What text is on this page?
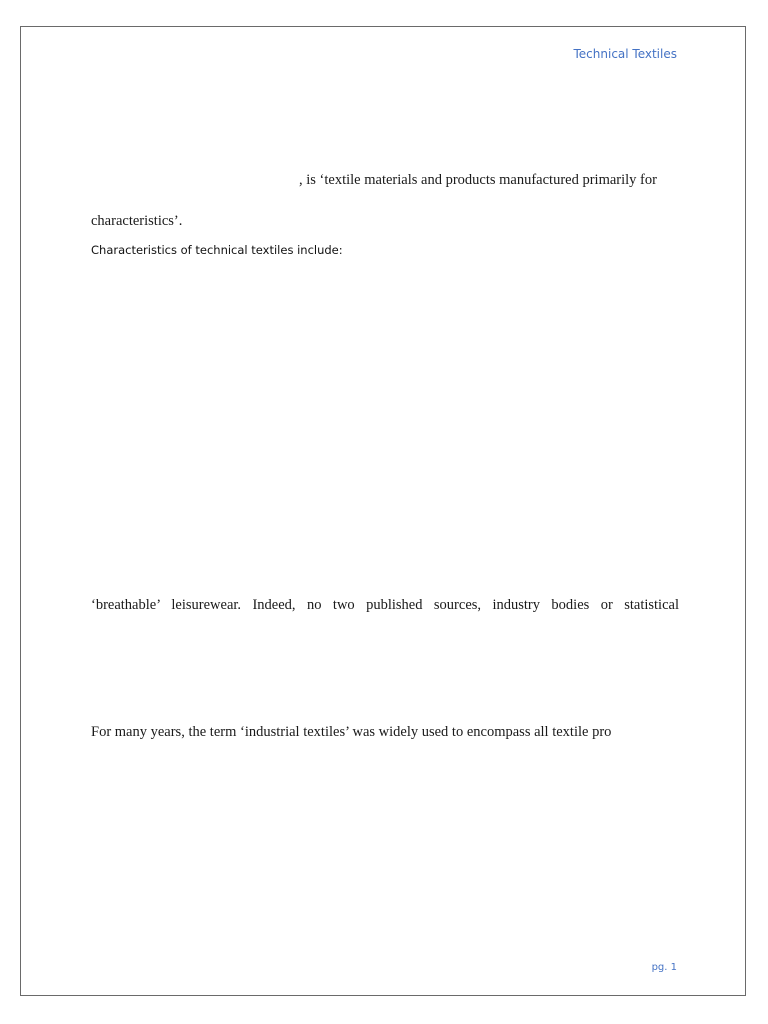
Technical Textiles
, is ‘textile materials and products manufactured primarily for
characteristics’.
Characteristics of technical textiles include:
‘breathable’ leisurewear. Indeed, no two published sources, industry bodies or statistical
For many years, the term ‘industrial textiles’ was widely used to encompass all textile pro
pg. 1
